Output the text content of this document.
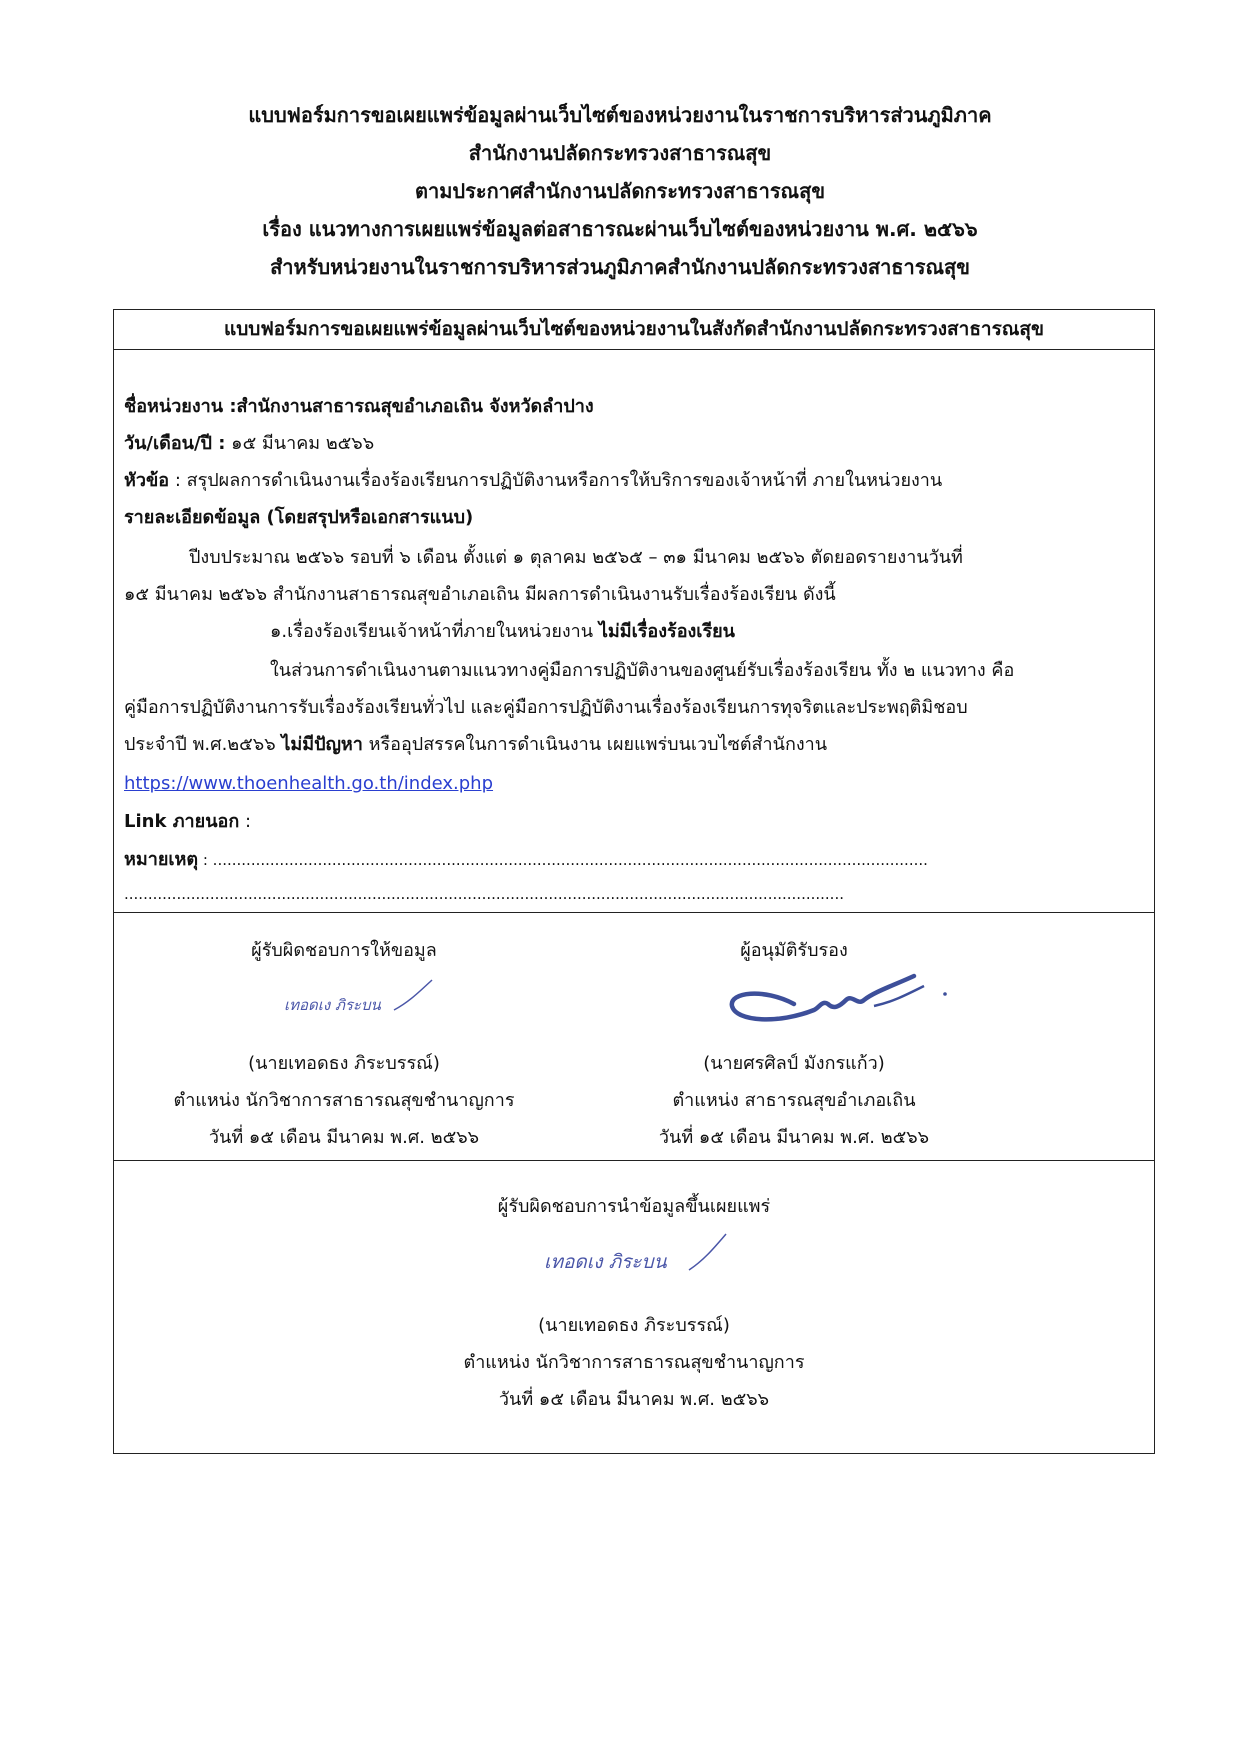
แบบฟอร์มการขอเผยแพร่ข้อมูลผ่านเว็บไซต์ของหน่วยงานในราชการบริหารส่วนภูมิภาค
สำนักงานปลัดกระทรวงสาธารณสุข
ตามประกาศสำนักงานปลัดกระทรวงสาธารณสุข
เรื่อง แนวทางการเผยแพร่ข้อมูลต่อสาธารณะผ่านเว็บไซต์ของหน่วยงาน พ.ศ. ๒๕๖๖
สำหรับหน่วยงานในราชการบริหารส่วนภูมิภาคสำนักงานปลัดกระทรวงสาธารณสุข
แบบฟอร์มการขอเผยแพร่ข้อมูลผ่านเว็บไซต์ของหน่วยงานในสังกัดสำนักงานปลัดกระทรวงสาธารณสุข
ชื่อหน่วยงาน :สำนักงานสาธารณสุขอำเภอเถิน จังหวัดลำปาง
วัน/เดือน/ปี : ๑๕ มีนาคม ๒๕๖๖
หัวข้อ : สรุปผลการดำเนินงานเรื่องร้องเรียนการปฏิบัติงานหรือการให้บริการของเจ้าหน้าที่ ภายในหน่วยงาน
รายละเอียดข้อมูล (โดยสรุปหรือเอกสารแนบ)
ปีงบประมาณ ๒๕๖๖ รอบที่ ๖ เดือน ตั้งแต่ ๑ ตุลาคม ๒๕๖๕ – ๓๑ มีนาคม ๒๕๖๖ ตัดยอดรายงานวันที่
๑๕ มีนาคม ๒๕๖๖ สำนักงานสาธารณสุขอำเภอเถิน มีผลการดำเนินงานรับเรื่องร้องเรียน ดังนี้
๑.เรื่องร้องเรียนเจ้าหน้าที่ภายในหน่วยงาน ไม่มีเรื่องร้องเรียน
ในส่วนการดำเนินงานตามแนวทางคู่มือการปฏิบัติงานของศูนย์รับเรื่องร้องเรียน ทั้ง ๒ แนวทาง คือ
คู่มือการปฏิบัติงานการรับเรื่องร้องเรียนทั่วไป และคู่มือการปฏิบัติงานเรื่องร้องเรียนการทุจริตและประพฤติมิชอบ
ประจำปี พ.ศ.๒๕๖๖ ไม่มีปัญหา หรืออุปสรรคในการดำเนินงาน เผยแพร่บนเวบไซต์สำนักงาน
https://www.thoenhealth.go.th/index.php
Link ภายนอก :
หมายเหตุ : ......................................................................................................................................................
.......................................................................................................................................................
ผู้รับผิดชอบการให้ขอมูล
เทอดเง ภิระบน
(นายเทอดธง ภิระบรรณ์)
ตำแหน่ง นักวิชาการสาธารณสุขชำนาญการ
วันที่ ๑๕ เดือน มีนาคม พ.ศ. ๒๕๖๖
ผู้อนุมัติรับรอง
(นายศรศิลป์ มังกรแก้ว)
ตำแหน่ง สาธารณสุขอำเภอเถิน
วันที่ ๑๕ เดือน มีนาคม พ.ศ. ๒๕๖๖
ผู้รับผิดชอบการนำข้อมูลขึ้นเผยแพร่
เทอดเง ภิระบน
(นายเทอดธง ภิระบรรณ์)
ตำแหน่ง นักวิชาการสาธารณสุขชำนาญการ
วันที่ ๑๕ เดือน มีนาคม พ.ศ. ๒๕๖๖
